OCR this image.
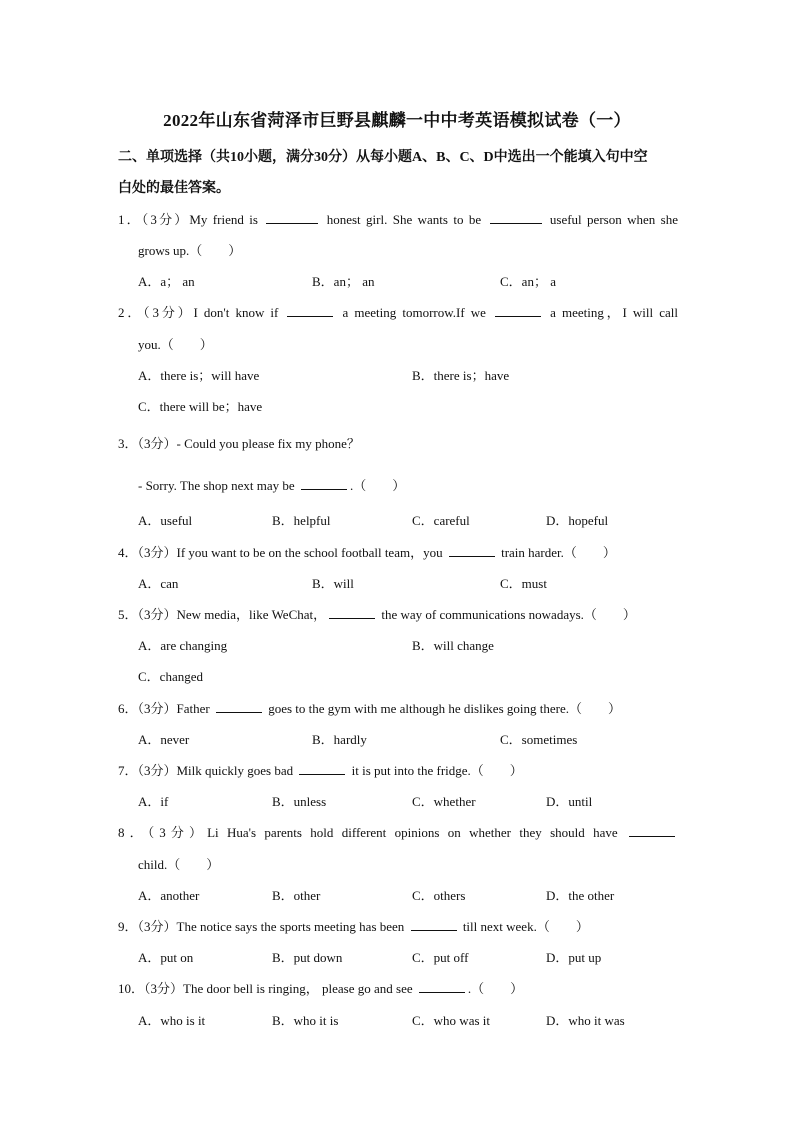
2022年山东省菏泽市巨野县麒麟一中中考英语模拟试卷（一）
二、单项选择（共10小题，满分30分）从每小题A、B、C、D中选出一个能填入句中空
白处的最佳答案。
1．（3分）My friend is	honest girl. She wants to be	useful person when she
grows up.（　　）
A．a； an	B．an； an	C．an； a
2．（3分）I don't know if	a meeting tomorrow.If we	a meeting，I will call
you.（　　）
A．there is；will have	B．there is；have
C．there will be；have
3．（3分）- Could you please fix my phone？
- Sorry. The shop next may be	.（　　）
A．useful	B．helpful	C．careful	D．hopeful
4．（3分）If you want to be on the school football team，you	train harder.（　　）
A．can	B．will	C．must
5．（3分）New media，like WeChat，	the way of communications nowadays.（　　）
A．are changing	B．will change
C．changed
6．（3分）Father	goes to the gym with me although he dislikes going there.（　　）
A．never	B．hardly	C．sometimes
7．（3分）Milk quickly goes bad	it is put into the fridge.（　　）
A．if	B．unless	C．whether	D．until
8．（3分）Li Hua's parents hold different opinions on whether they should have
child.（　　）
A．another	B．other	C．others	D．the other
9．（3分）The notice says the sports meeting has been	till next week.（　　）
A．put on	B．put down	C．put off	D．put up
10．（3分）The door bell is ringing， please go and see	.（　　）
A．who is it	B．who it is	C．who was it	D．who it was
